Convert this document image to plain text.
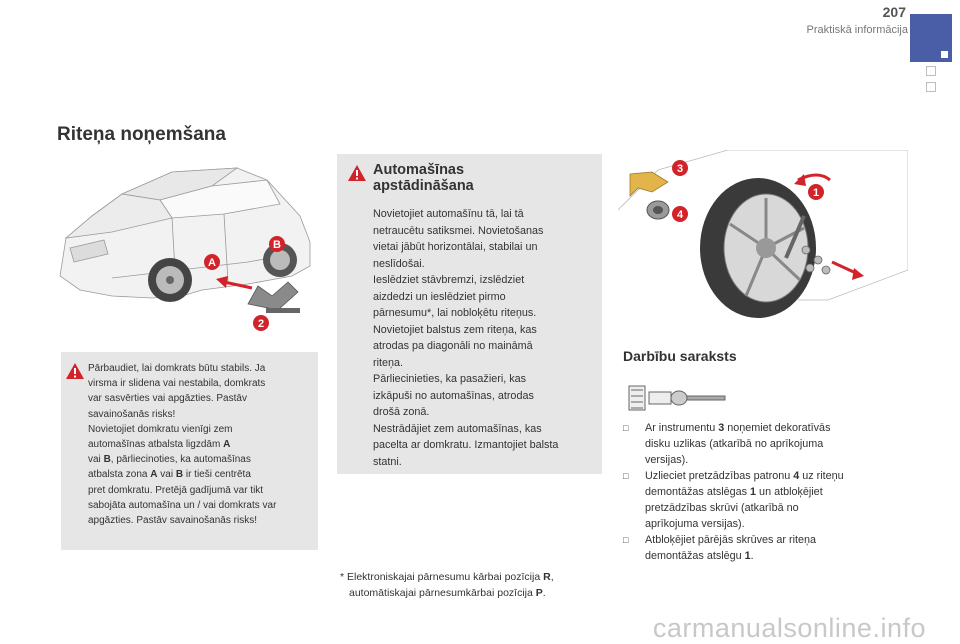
207
Praktiskā informācija
Riteņa noņemšana
A
B
2
Pārbaudiet, lai domkrats būtu stabils. Ja
virsma ir slidena vai nestabila, domkrats
var sasvērties vai apgāzties. Pastāv
savainošanās risks!
Novietojiet domkratu vienīgi zem
automašīnas atbalsta ligzdām A
vai B, pārliecinoties, ka automašīnas
atbalsta zona A vai B ir tieši centrēta
pret domkratu. Pretējā gadījumā var tikt
sabojāta automašīna un / vai domkrats var
apgāzties. Pastāv savainošanās risks!
Automašīnas
apstādināšana
Novietojiet automašīnu tā, lai tā
netraucētu satiksmei. Novietošanas
vietai jābūt horizontālai, stabilai un
neslīdošai.
Ieslēdziet stāvbremzi, izslēdziet
aizdedzi un ieslēdziet pirmo
pārnesumu*, lai nobloķētu riteņus.
Novietojiet balstus zem riteņa, kas
atrodas pa diagonāli no maināmā
riteņa.
Pārliecinieties, ka pasažieri, kas
izkāpuši no automašīnas, atrodas
drošā zonā.
Nestrādājiet zem automašīnas, kas
pacelta ar domkratu. Izmantojiet balsta
statni.
* Elektroniskajai pārnesumu kārbai pozīcija R,
automātiskajai pārnesumkārbai pozīcija P.
3
1
4
Darbību saraksts
□ Ar instrumentu 3 noņemiet dekoratīvās
disku uzlikas (atkarībā no aprīkojuma
versijas).
□ Uzlieciet pretzādzības patronu 4 uz riteņu
demontāžas atslēgas 1 un atbloķējiet
pretzādzības skrūvi (atkarībā no
aprīkojuma versijas).
□ Atbloķējiet pārējās skrūves ar riteņa
demontāžas atslēgu 1.
carmanualsonline.info
